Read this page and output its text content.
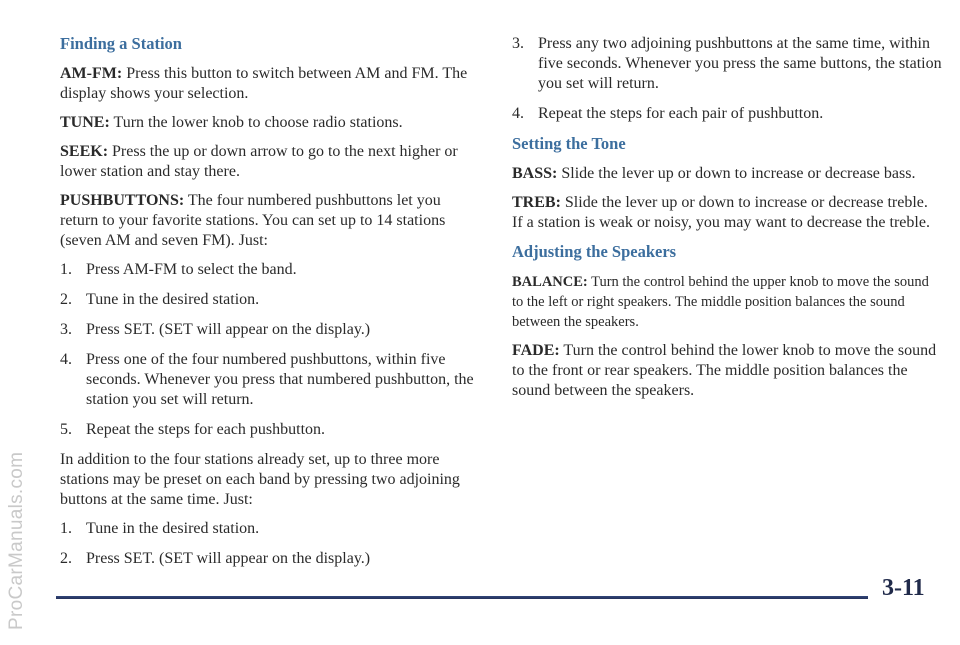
ProCarManuals.com
Finding a Station

AM-FM: Press this button to switch between AM and FM. The display shows your selection.

TUNE: Turn the lower knob to choose radio stations.

SEEK: Press the up or down arrow to go to the next higher or lower station and stay there.

PUSHBUTTONS: The four numbered pushbuttons let you return to your favorite stations. You can set up to 14 stations (seven AM and seven FM). Just:

1. Press AM-FM to select the band.
2. Tune in the desired station.
3. Press SET. (SET will appear on the display.)
4. Press one of the four numbered pushbuttons, within five seconds. Whenever you press that numbered pushbutton, the station you set will return.
5. Repeat the steps for each pushbutton.

In addition to the four stations already set, up to three more stations may be preset on each band by pressing two adjoining buttons at the same time. Just:

1. Tune in the desired station.
2. Press SET. (SET will appear on the display.)
3. Press any two adjoining pushbuttons at the same time, within five seconds. Whenever you press the same buttons, the station you set will return.
4. Repeat the steps for each pair of pushbutton.
Setting the Tone

BASS: Slide the lever up or down to increase or decrease bass.

TREB: Slide the lever up or down to increase or decrease treble. If a station is weak or noisy, you may want to decrease the treble.

Adjusting the Speakers

BALANCE: Turn the control behind the upper knob to move the sound to the left or right speakers. The middle position balances the sound between the speakers.

FADE: Turn the control behind the lower knob to move the sound to the front or rear speakers. The middle position balances the sound between the speakers.

3-11
